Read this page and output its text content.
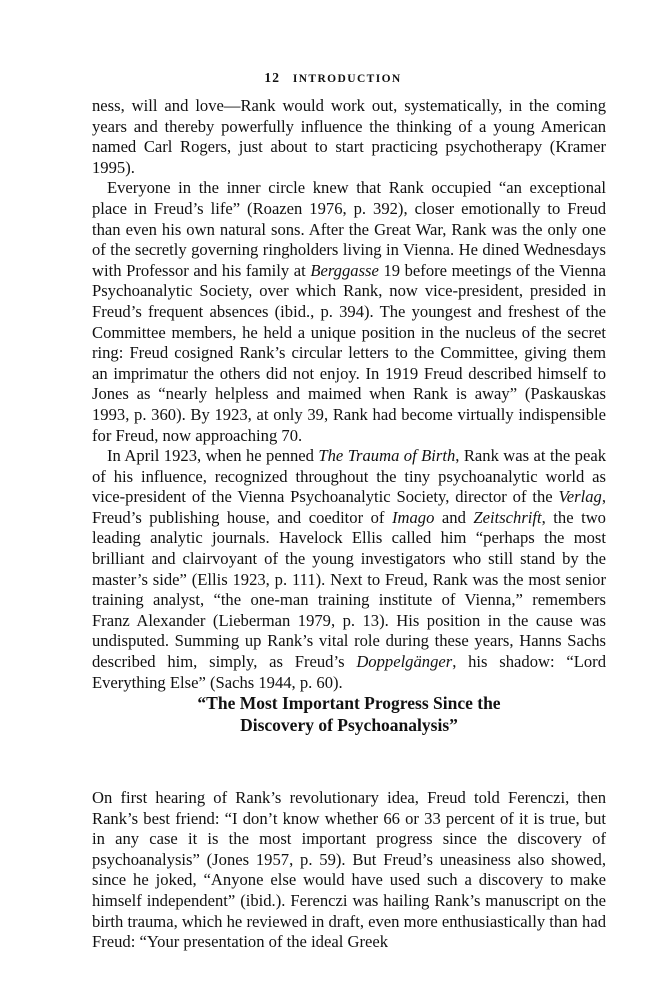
12 INTRODUCTION

ness, will and love—Rank would work out, systematically, in the coming years and thereby powerfully influence the thinking of a young American named Carl Rogers, just about to start practicing psychotherapy (Kramer 1995).

Everyone in the inner circle knew that Rank occupied “an exceptional place in Freud’s life” (Roazen 1976, p. 392), closer emotionally to Freud than even his own natural sons. After the Great War, Rank was the only one of the secretly governing ringholders living in Vienna. He dined Wednesdays with Professor and his family at Berggasse 19 before meetings of the Vienna Psychoanalytic Society, over which Rank, now vice-president, presided in Freud’s frequent absences (ibid., p. 394). The youngest and freshest of the Committee members, he held a unique position in the nucleus of the secret ring: Freud cosigned Rank’s circular letters to the Committee, giving them an imprimatur the others did not enjoy. In 1919 Freud described himself to Jones as “nearly helpless and maimed when Rank is away” (Paskauskas 1993, p. 360). By 1923, at only 39, Rank had become virtually indispensible for Freud, now approaching 70.

In April 1923, when he penned The Trauma of Birth, Rank was at the peak of his influence, recognized throughout the tiny psychoanalytic world as vice-president of the Vienna Psychoanalytic Society, director of the Verlag, Freud’s publishing house, and coeditor of Imago and Zeitschrift, the two leading analytic journals. Havelock Ellis called him “perhaps the most brilliant and clairvoyant of the young investigators who still stand by the master’s side” (Ellis 1923, p. 111). Next to Freud, Rank was the most senior training analyst, “the one-man training institute of Vienna,” remembers Franz Alexander (Lieberman 1979, p. 13). His position in the cause was undisputed. Summing up Rank’s vital role during these years, Hanns Sachs described him, simply, as Freud’s Doppelgänger, his shadow: “Lord Everything Else” (Sachs 1944, p. 60).

“The Most Important Progress Since the
Discovery of Psychoanalysis”

On first hearing of Rank’s revolutionary idea, Freud told Ferenczi, then Rank’s best friend: “I don’t know whether 66 or 33 percent of it is true, but in any case it is the most important progress since the discovery of psychoanalysis” (Jones 1957, p. 59). But Freud’s uneasiness also showed, since he joked, “Anyone else would have used such a discovery to make himself independent” (ibid.). Ferenczi was hailing Rank’s manuscript on the birth trauma, which he reviewed in draft, even more enthusiastically than had Freud: “Your presentation of the ideal Greek
